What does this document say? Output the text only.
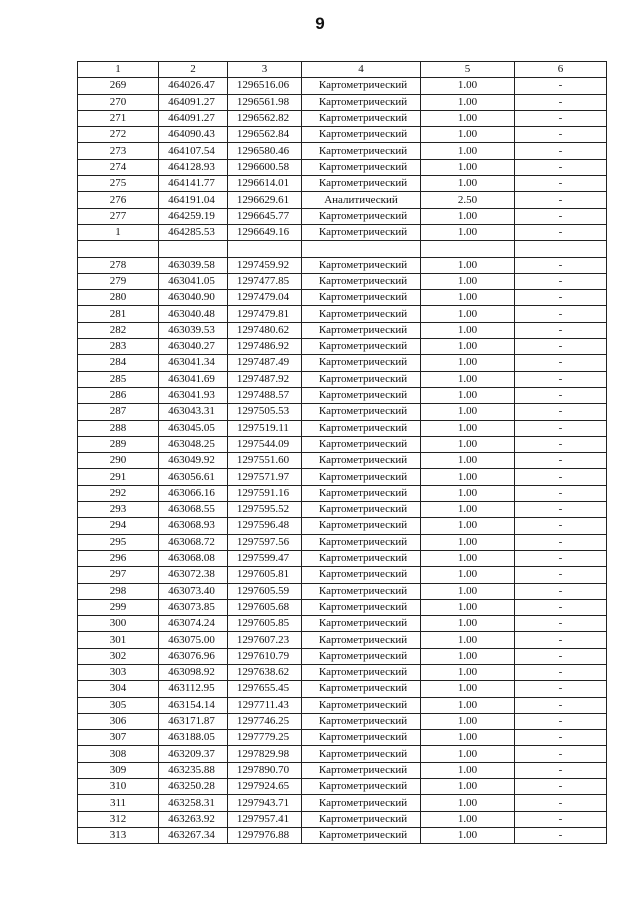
9
1	2	3	4	5	6
269	464026.47	1296516.06	Картометрический	1.00	-
270	464091.27	1296561.98	Картометрический	1.00	-
271	464091.27	1296562.82	Картометрический	1.00	-
272	464090.43	1296562.84	Картометрический	1.00	-
273	464107.54	1296580.46	Картометрический	1.00	-
274	464128.93	1296600.58	Картометрический	1.00	-
275	464141.77	1296614.01	Картометрический	1.00	-
276	464191.04	1296629.61	Аналитический	2.50	-
277	464259.19	1296645.77	Картометрический	1.00	-
1	464285.53	1296649.16	Картометрический	1.00	-

278	463039.58	1297459.92	Картометрический	1.00	-
279	463041.05	1297477.85	Картометрический	1.00	-
280	463040.90	1297479.04	Картометрический	1.00	-
281	463040.48	1297479.81	Картометрический	1.00	-
282	463039.53	1297480.62	Картометрический	1.00	-
283	463040.27	1297486.92	Картометрический	1.00	-
284	463041.34	1297487.49	Картометрический	1.00	-
285	463041.69	1297487.92	Картометрический	1.00	-
286	463041.93	1297488.57	Картометрический	1.00	-
287	463043.31	1297505.53	Картометрический	1.00	-
288	463045.05	1297519.11	Картометрический	1.00	-
289	463048.25	1297544.09	Картометрический	1.00	-
290	463049.92	1297551.60	Картометрический	1.00	-
291	463056.61	1297571.97	Картометрический	1.00	-
292	463066.16	1297591.16	Картометрический	1.00	-
293	463068.55	1297595.52	Картометрический	1.00	-
294	463068.93	1297596.48	Картометрический	1.00	-
295	463068.72	1297597.56	Картометрический	1.00	-
296	463068.08	1297599.47	Картометрический	1.00	-
297	463072.38	1297605.81	Картометрический	1.00	-
298	463073.40	1297605.59	Картометрический	1.00	-
299	463073.85	1297605.68	Картометрический	1.00	-
300	463074.24	1297605.85	Картометрический	1.00	-
301	463075.00	1297607.23	Картометрический	1.00	-
302	463076.96	1297610.79	Картометрический	1.00	-
303	463098.92	1297638.62	Картометрический	1.00	-
304	463112.95	1297655.45	Картометрический	1.00	-
305	463154.14	1297711.43	Картометрический	1.00	-
306	463171.87	1297746.25	Картометрический	1.00	-
307	463188.05	1297779.25	Картометрический	1.00	-
308	463209.37	1297829.98	Картометрический	1.00	-
309	463235.88	1297890.70	Картометрический	1.00	-
310	463250.28	1297924.65	Картометрический	1.00	-
311	463258.31	1297943.71	Картометрический	1.00	-
312	463263.92	1297957.41	Картометрический	1.00	-
313	463267.34	1297976.88	Картометрический	1.00	-
